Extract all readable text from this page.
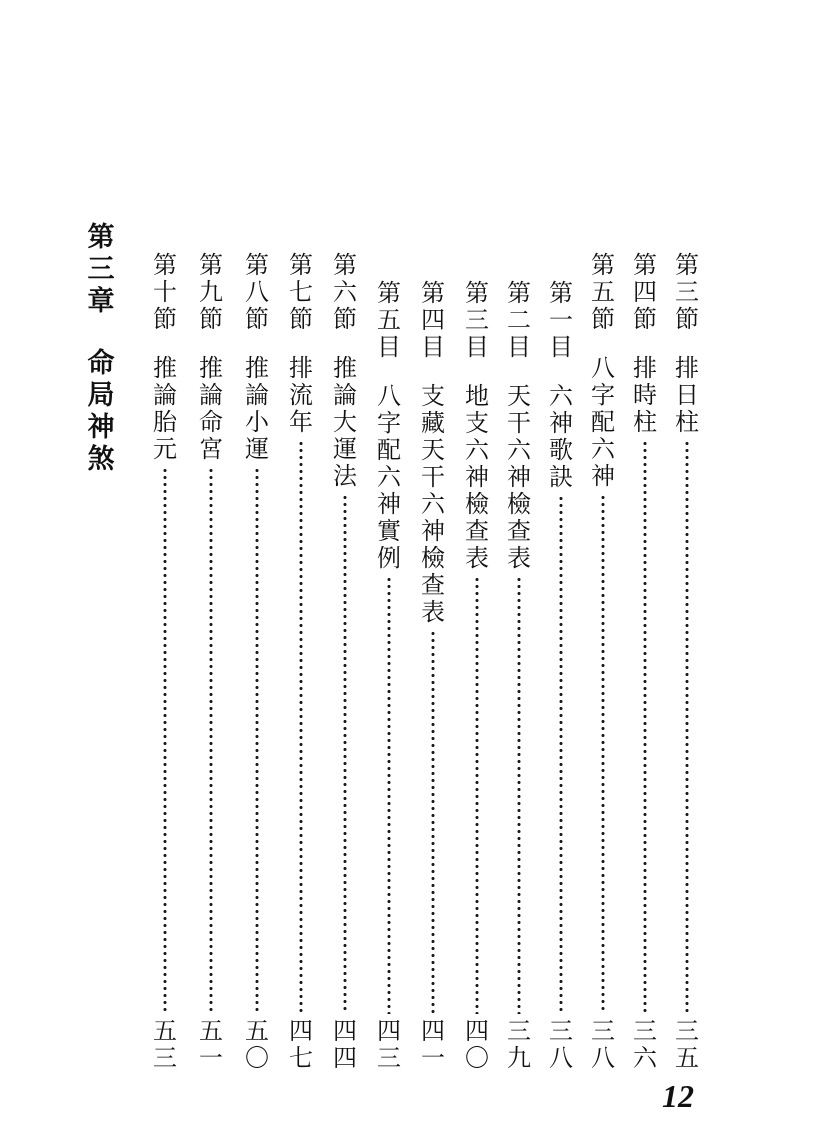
第
三
節
排
日
柱
三
五
第
四
節
排
時
柱
三
六
第
五
節
八
字
配
六
神
三
八
第
一
目
六
神
歌
訣
三
八
第
二
目
天
干
六
神
檢
查
表
三
九
第
三
目
地
支
六
神
檢
查
表
四
〇
第
四
目
支
藏
天
干
六
神
檢
查
表
四
一
第
五
目
八
字
配
六
神
實
例
四
三
第
六
節
推
論
大
運
法
四
四
第
七
節
排
流
年
四
七
第
八
節
推
論
小
運
五
〇
第
九
節
推
論
命
宮
五
一
第
十
節
推
論
胎
元
五
三
第
三
章
命
局
神
煞
12
